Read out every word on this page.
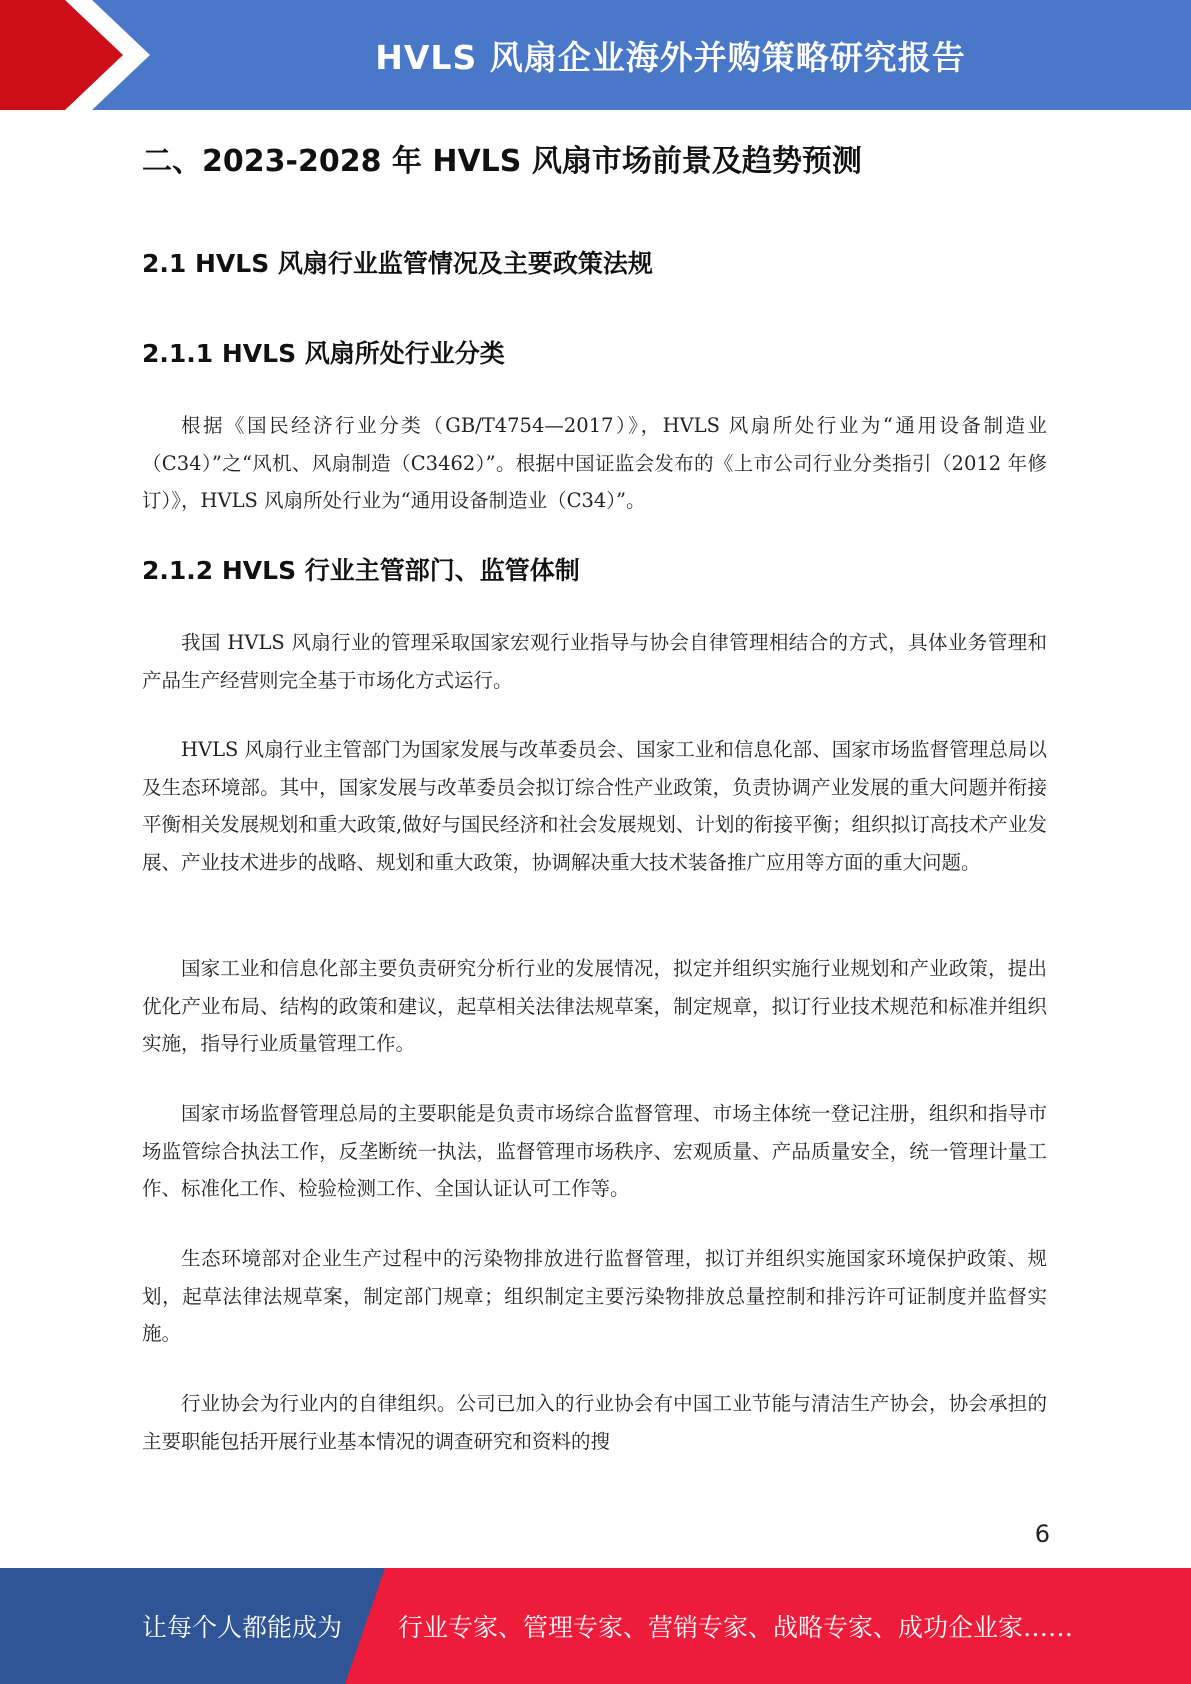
HVLS 风扇企业海外并购策略研究报告
二、2023-2028 年 HVLS 风扇市场前景及趋势预测
2.1 HVLS 风扇行业监管情况及主要政策法规
2.1.1 HVLS 风扇所处行业分类

根据《国民经济行业分类（GB/T4754—2017）》，HVLS 风扇所处行业为“通用设备制造业（C34）”之“风机、风扇制造（C3462）”。根据中国证监会发布的《上市公司行业分类指引（2012 年修订）》，HVLS 风扇所处行业为“通用设备制造业（C34）”。

2.1.2 HVLS 行业主管部门、监管体制

我国 HVLS 风扇行业的管理采取国家宏观行业指导与协会自律管理相结合的方式，具体业务管理和产品生产经营则完全基于市场化方式运行。

HVLS 风扇行业主管部门为国家发展与改革委员会、国家工业和信息化部、国家市场监督管理总局以及生态环境部。其中，国家发展与改革委员会拟订综合性产业政策，负责协调产业发展的重大问题并衔接平衡相关发展规划和重大政策,做好与国民经济和社会发展规划、计划的衔接平衡；组织拟订高技术产业发展、产业技术进步的战略、规划和重大政策，协调解决重大技术装备推广应用等方面的重大问题。

国家工业和信息化部主要负责研究分析行业的发展情况，拟定并组织实施行业规划和产业政策，提出优化产业布局、结构的政策和建议，起草相关法律法规草案，制定规章，拟订行业技术规范和标准并组织实施，指导行业质量管理工作。

国家市场监督管理总局的主要职能是负责市场综合监督管理、市场主体统一登记注册，组织和指导市场监管综合执法工作，反垄断统一执法，监督管理市场秩序、宏观质量、产品质量安全，统一管理计量工作、标准化工作、检验检测工作、全国认证认可工作等。

生态环境部对企业生产过程中的污染物排放进行监督管理，拟订并组织实施国家环境保护政策、规划，起草法律法规草案，制定部门规章；组织制定主要污染物排放总量控制和排污许可证制度并监督实施。

行业协会为行业内的自律组织。公司已加入的行业协会有中国工业节能与清洁生产协会，协会承担的主要职能包括开展行业基本情况的调查研究和资料的搜

6
让每个人都能成为 行业专家、管理专家、营销专家、战略专家、成功企业家……
